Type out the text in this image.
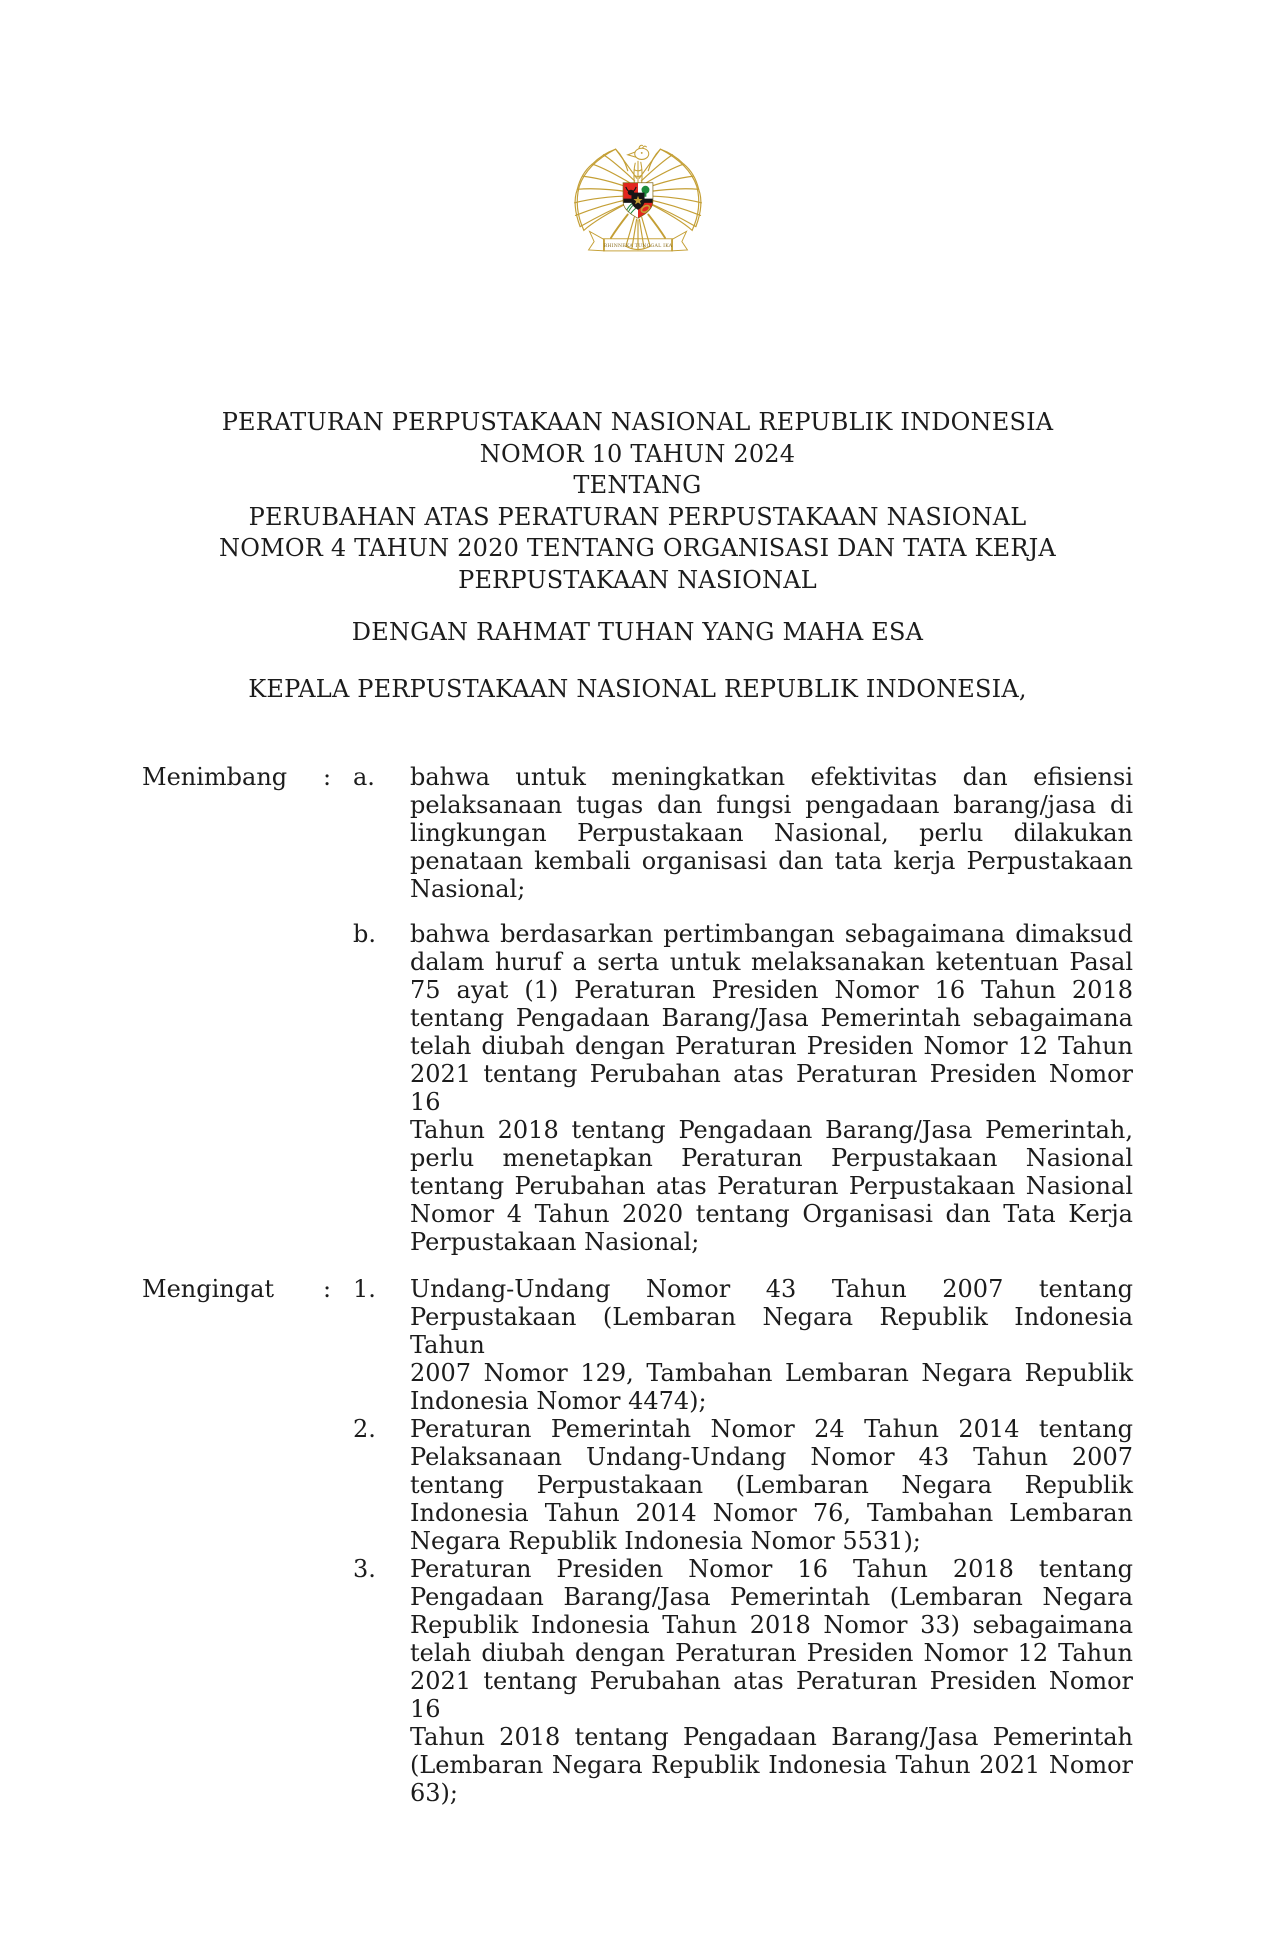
BHINNEKA TUNGGAL IKA
PERATURAN PERPUSTAKAAN NASIONAL REPUBLIK INDONESIA
NOMOR 10 TAHUN 2024
TENTANG
PERUBAHAN ATAS PERATURAN PERPUSTAKAAN NASIONAL
NOMOR 4 TAHUN 2020 TENTANG ORGANISASI DAN TATA KERJA
PERPUSTAKAAN NASIONAL
DENGAN RAHMAT TUHAN YANG MAHA ESA
KEPALA PERPUSTAKAAN NASIONAL REPUBLIK INDONESIA,
Menimbang	: a.	bahwa untuk meningkatkan efektivitas dan efisiensi
pelaksanaan tugas dan fungsi pengadaan barang/jasa di
lingkungan Perpustakaan Nasional, perlu dilakukan
penataan kembali organisasi dan tata kerja Perpustakaan
Nasional;
b.	bahwa berdasarkan pertimbangan sebagaimana dimaksud
dalam huruf a serta untuk melaksanakan ketentuan Pasal
75 ayat (1) Peraturan Presiden Nomor 16 Tahun 2018
tentang Pengadaan Barang/Jasa Pemerintah sebagaimana
telah diubah dengan Peraturan Presiden Nomor 12 Tahun
2021 tentang Perubahan atas Peraturan Presiden Nomor 16
Tahun 2018 tentang Pengadaan Barang/Jasa Pemerintah,
perlu menetapkan Peraturan Perpustakaan Nasional
tentang Perubahan atas Peraturan Perpustakaan Nasional
Nomor 4 Tahun 2020 tentang Organisasi dan Tata Kerja
Perpustakaan Nasional;
Mengingat	: 1.	Undang-Undang Nomor 43 Tahun 2007 tentang
Perpustakaan (Lembaran Negara Republik Indonesia Tahun
2007 Nomor 129, Tambahan Lembaran Negara Republik
Indonesia Nomor 4474);
2.	Peraturan Pemerintah Nomor 24 Tahun 2014 tentang
Pelaksanaan Undang-Undang Nomor 43 Tahun 2007
tentang Perpustakaan (Lembaran Negara Republik
Indonesia Tahun 2014 Nomor 76, Tambahan Lembaran
Negara Republik Indonesia Nomor 5531);
3.	Peraturan Presiden Nomor 16 Tahun 2018 tentang
Pengadaan Barang/Jasa Pemerintah (Lembaran Negara
Republik Indonesia Tahun 2018 Nomor 33) sebagaimana
telah diubah dengan Peraturan Presiden Nomor 12 Tahun
2021 tentang Perubahan atas Peraturan Presiden Nomor 16
Tahun 2018 tentang Pengadaan Barang/Jasa Pemerintah
(Lembaran Negara Republik Indonesia Tahun 2021 Nomor
63);
